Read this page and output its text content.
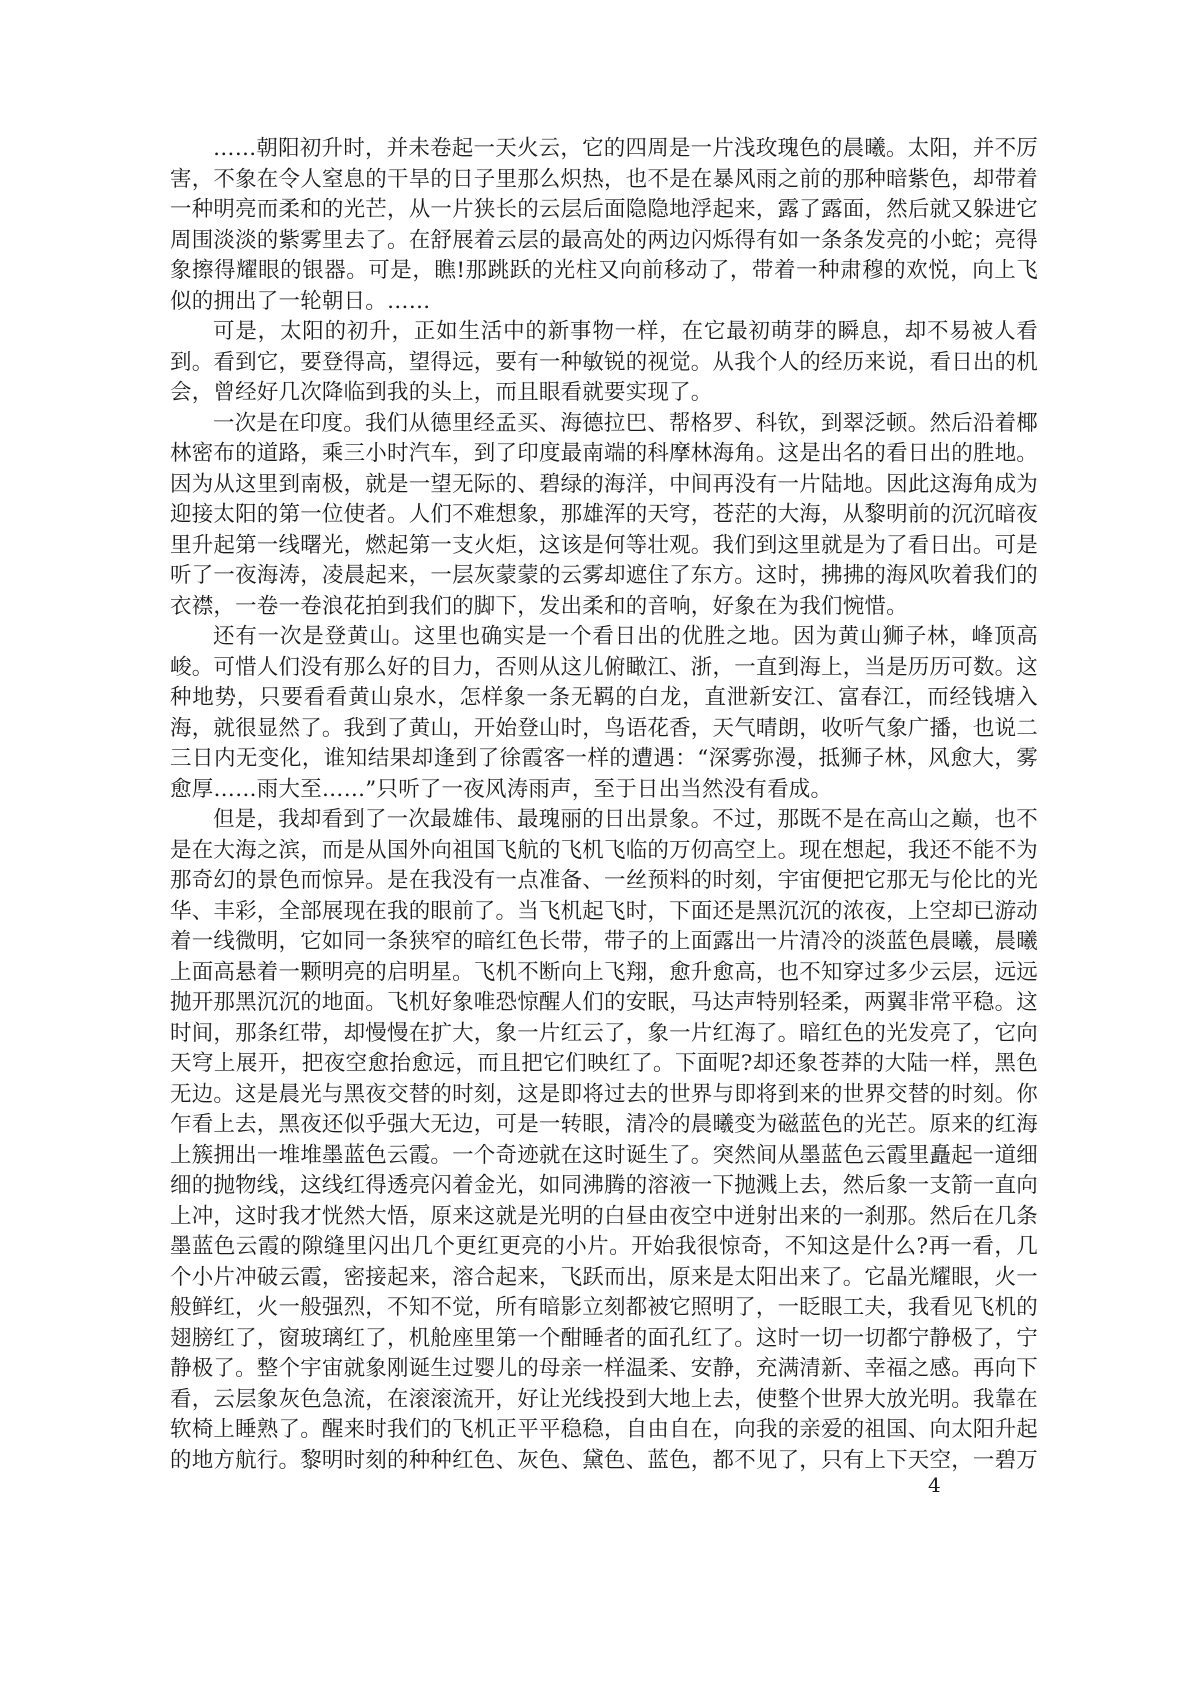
……朝阳初升时，并未卷起一天火云，它的四周是一片浅玫瑰色的晨曦。太阳，并不厉害，不象在令人窒息的干旱的日子里那么炽热，也不是在暴风雨之前的那种暗紫色，却带着一种明亮而柔和的光芒，从一片狭长的云层后面隐隐地浮起来，露了露面，然后就又躲进它周围淡淡的紫雾里去了。在舒展着云层的最高处的两边闪烁得有如一条条发亮的小蛇；亮得象擦得耀眼的银器。可是，瞧!那跳跃的光柱又向前移动了，带着一种肃穆的欢悦，向上飞似的拥出了一轮朝日。……

可是，太阳的初升，正如生活中的新事物一样，在它最初萌芽的瞬息，却不易被人看到。看到它，要登得高，望得远，要有一种敏锐的视觉。从我个人的经历来说，看日出的机会，曾经好几次降临到我的头上，而且眼看就要实现了。

一次是在印度。我们从德里经孟买、海德拉巴、帮格罗、科钦，到翠泛顿。然后沿着椰林密布的道路，乘三小时汽车，到了印度最南端的科摩林海角。这是出名的看日出的胜地。因为从这里到南极，就是一望无际的、碧绿的海洋，中间再没有一片陆地。因此这海角成为迎接太阳的第一位使者。人们不难想象，那雄浑的天穹，苍茫的大海，从黎明前的沉沉暗夜里升起第一线曙光，燃起第一支火炬，这该是何等壮观。我们到这里就是为了看日出。可是听了一夜海涛，凌晨起来，一层灰蒙蒙的云雾却遮住了东方。这时，拂拂的海风吹着我们的衣襟，一卷一卷浪花拍到我们的脚下，发出柔和的音响，好象在为我们惋惜。

还有一次是登黄山。这里也确实是一个看日出的优胜之地。因为黄山狮子林，峰顶高峻。可惜人们没有那么好的目力，否则从这儿俯瞰江、浙，一直到海上，当是历历可数。这种地势，只要看看黄山泉水，怎样象一条无羁的白龙，直泄新安江、富春江，而经钱塘入海，就很显然了。我到了黄山，开始登山时，鸟语花香，天气晴朗，收听气象广播，也说二三日内无变化，谁知结果却逢到了徐霞客一样的遭遇：“深雾弥漫，抵狮子林，风愈大，雾愈厚……雨大至……”只听了一夜风涛雨声，至于日出当然没有看成。

但是，我却看到了一次最雄伟、最瑰丽的日出景象。不过，那既不是在高山之巅，也不是在大海之滨，而是从国外向祖国飞航的飞机飞临的万仞高空上。现在想起，我还不能不为那奇幻的景色而惊异。是在我没有一点准备、一丝预料的时刻，宇宙便把它那无与伦比的光华、丰彩，全部展现在我的眼前了。当飞机起飞时，下面还是黑沉沉的浓夜，上空却已游动着一线微明，它如同一条狭窄的暗红色长带，带子的上面露出一片清冷的淡蓝色晨曦，晨曦上面高悬着一颗明亮的启明星。飞机不断向上飞翔，愈升愈高，也不知穿过多少云层，远远抛开那黑沉沉的地面。飞机好象唯恐惊醒人们的安眠，马达声特别轻柔，两翼非常平稳。这时间，那条红带，却慢慢在扩大，象一片红云了，象一片红海了。暗红色的光发亮了，它向天穹上展开，把夜空愈抬愈远，而且把它们映红了。下面呢?却还象苍莽的大陆一样，黑色无边。这是晨光与黑夜交替的时刻，这是即将过去的世界与即将到来的世界交替的时刻。你乍看上去，黑夜还似乎强大无边，可是一转眼，清冷的晨曦变为磁蓝色的光芒。原来的红海上簇拥出一堆堆墨蓝色云霞。一个奇迹就在这时诞生了。突然间从墨蓝色云霞里矗起一道细细的抛物线，这线红得透亮闪着金光，如同沸腾的溶液一下抛溅上去，然后象一支箭一直向上冲，这时我才恍然大悟，原来这就是光明的白昼由夜空中迸射出来的一刹那。然后在几条墨蓝色云霞的隙缝里闪出几个更红更亮的小片。开始我很惊奇，不知这是什么?再一看，几个小片冲破云霞，密接起来，溶合起来，飞跃而出，原来是太阳出来了。它晶光耀眼，火一般鲜红，火一般强烈，不知不觉，所有暗影立刻都被它照明了，一眨眼工夫，我看见飞机的翅膀红了，窗玻璃红了，机舱座里第一个酣睡者的面孔红了。这时一切一切都宁静极了，宁静极了。整个宇宙就象刚诞生过婴儿的母亲一样温柔、安静，充满清新、幸福之感。再向下看，云层象灰色急流，在滚滚流开，好让光线投到大地上去，使整个世界大放光明。我靠在软椅上睡熟了。醒来时我们的飞机正平平稳稳，自由自在，向我的亲爱的祖国、向太阳升起的地方航行。黎明时刻的种种红色、灰色、黛色、蓝色，都不见了，只有上下天空，一碧万

4
